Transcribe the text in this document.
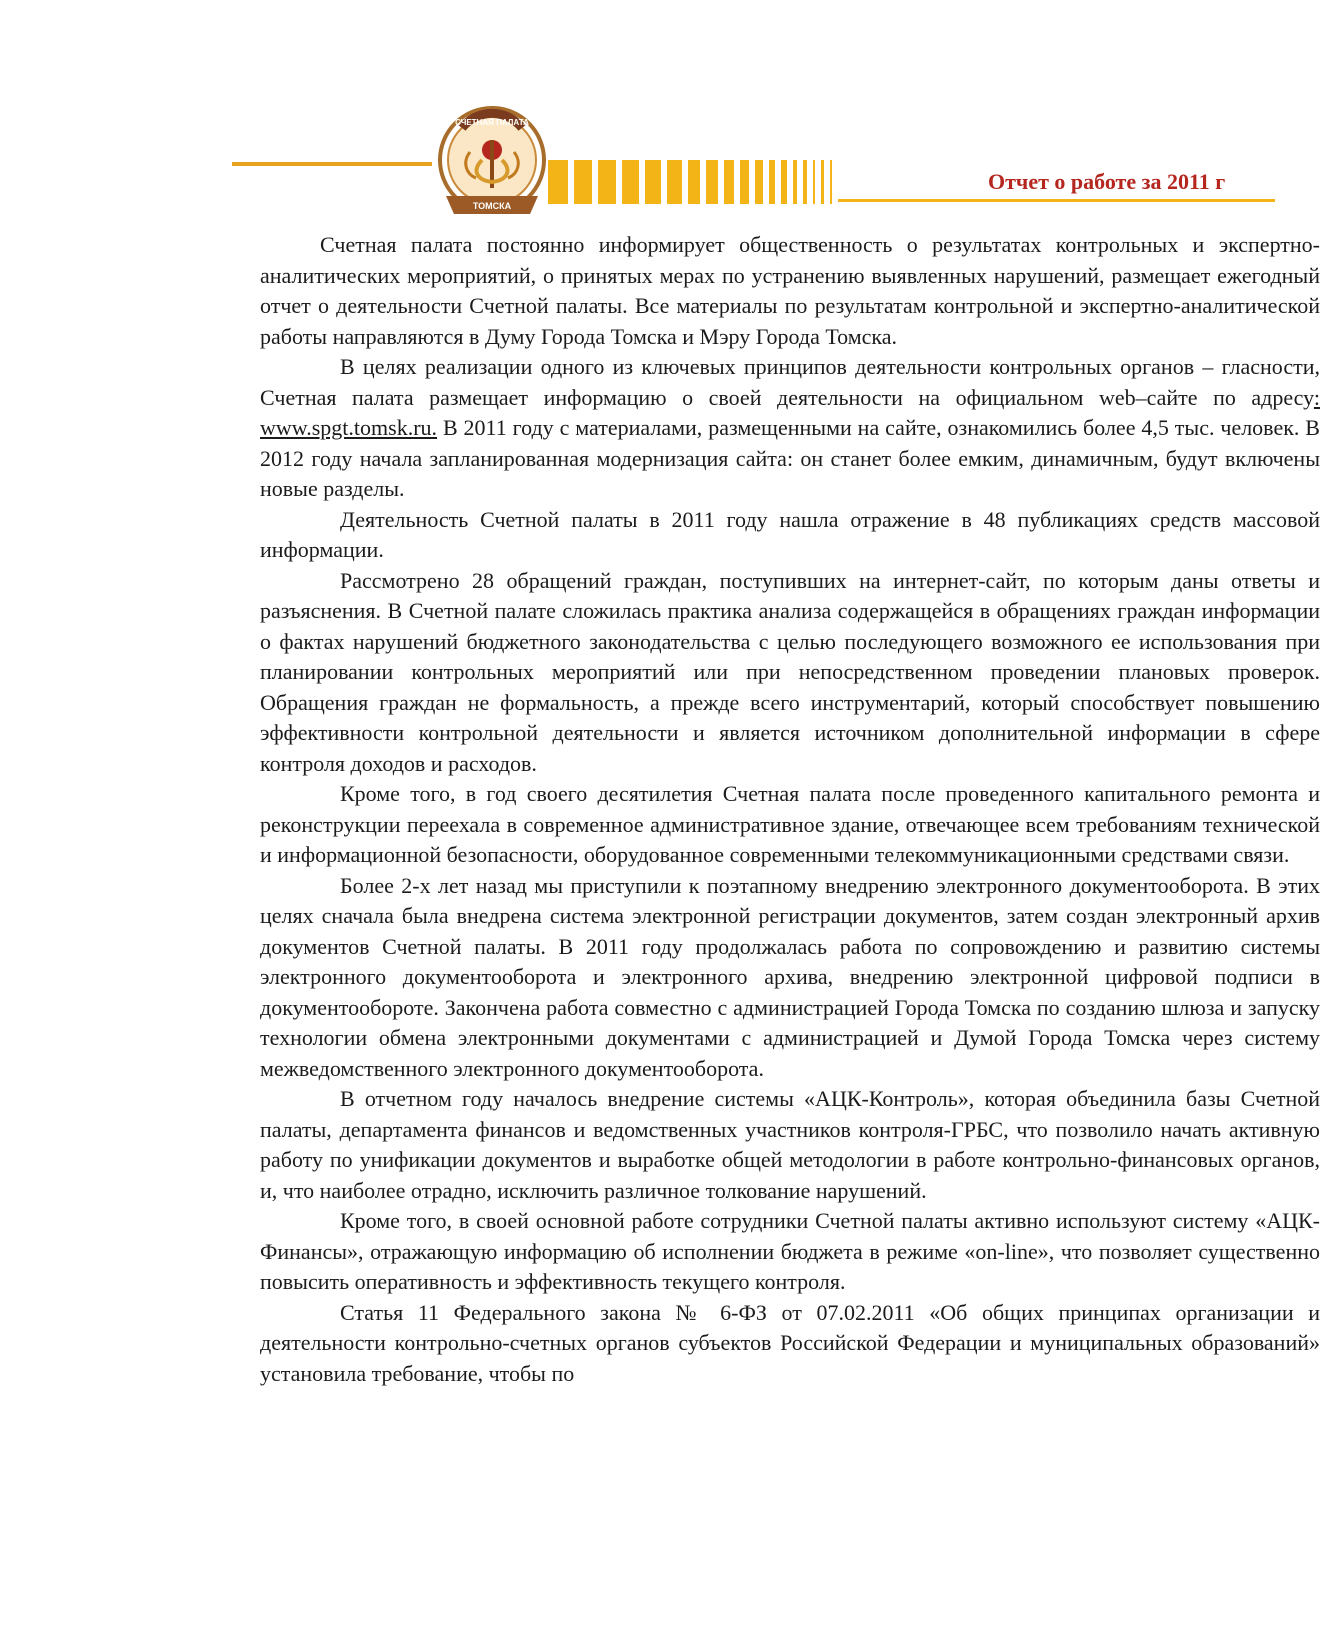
СЧЕТНАЯ ПАЛАТА
ТОМСКА
Отчет о работе за 2011 г

Счетная палата постоянно информирует общественность о результатах контрольных и экспертно-аналитических мероприятий, о принятых мерах по устранению выявленных нарушений, размещает ежегодный отчет о деятельности Счетной палаты. Все материалы по результатам контрольной и экспертно-аналитической работы направляются в Думу Города Томска и Мэру Города Томска.

В целях реализации одного из ключевых принципов деятельности контрольных органов – гласности, Счетная палата размещает информацию о своей деятельности на официальном web–сайте по адресу: www.spgt.tomsk.ru. В 2011 году с материалами, размещенными на сайте, ознакомились более 4,5 тыс. человек. В 2012 году начала запланированная модернизация сайта: он станет более емким, динамичным, будут включены новые разделы.

Деятельность Счетной палаты в 2011 году нашла отражение в 48 публикациях средств массовой информации.

Рассмотрено 28 обращений граждан, поступивших на интернет-сайт, по которым даны ответы и разъяснения. В Счетной палате сложилась практика анализа содержащейся в обращениях граждан информации о фактах нарушений бюджетного законодательства с целью последующего возможного ее использования при планировании контрольных мероприятий или при непосредственном проведении плановых проверок. Обращения граждан не формальность, а прежде всего инструментарий, который способствует повышению эффективности контрольной деятельности и является источником дополнительной информации в сфере контроля доходов и расходов.

Кроме того, в год своего десятилетия Счетная палата после проведенного капитального ремонта и реконструкции переехала в современное административное здание, отвечающее всем требованиям технической и информационной безопасности, оборудованное современными телекоммуникационными средствами связи.

Более 2-х лет назад мы приступили к поэтапному внедрению электронного документооборота. В этих целях сначала была внедрена система электронной регистрации документов, затем создан электронный архив документов Счетной палаты. В 2011 году продолжалась работа по сопровождению и развитию системы электронного документооборота и электронного архива, внедрению электронной цифровой подписи в документообороте. Закончена работа совместно с администрацией Города Томска по созданию шлюза и запуску технологии обмена электронными документами с администрацией и Думой Города Томска через систему межведомственного электронного документооборота.

В отчетном году началось внедрение системы «АЦК-Контроль», которая объединила базы Счетной палаты, департамента финансов и ведомственных участников контроля-ГРБС, что позволило начать активную работу по унификации документов и выработке общей методологии в работе контрольно-финансовых органов, и, что наиболее отрадно, исключить различное толкование нарушений.

Кроме того, в своей основной работе сотрудники Счетной палаты активно используют систему «АЦК-Финансы», отражающую информацию об исполнении бюджета в режиме «on-line», что позволяет существенно повысить оперативность и эффективность текущего контроля.

Статья 11 Федерального закона № 6-ФЗ от 07.02.2011 «Об общих принципах организации и деятельности контрольно-счетных органов субъектов Российской Федерации и муниципальных образований» установила требование, чтобы по
